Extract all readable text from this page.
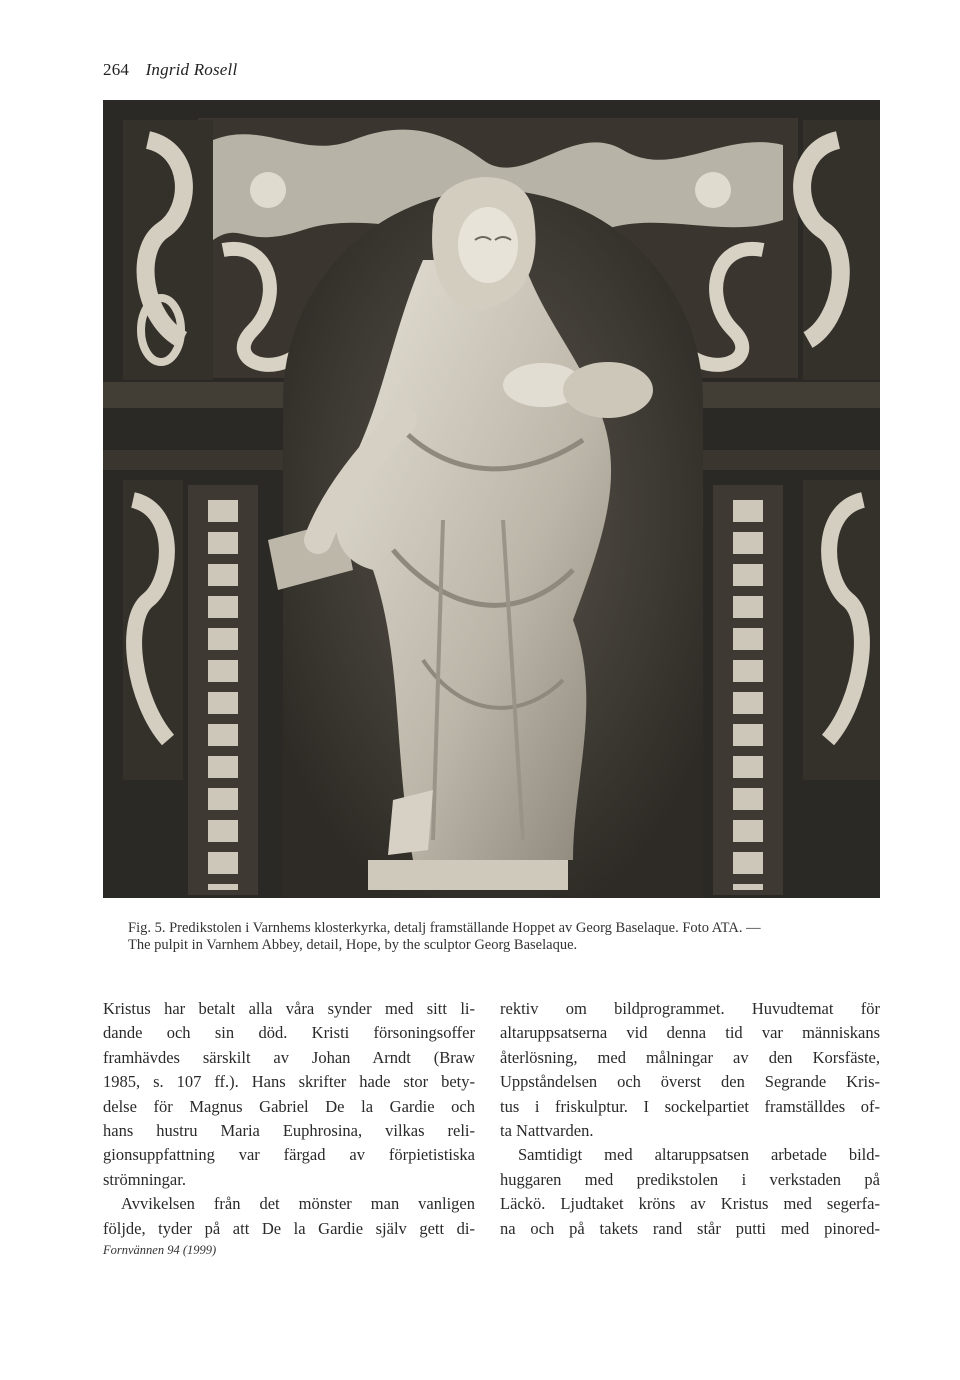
264 Ingrid Rosell
Fig. 5. Predikstolen i Varnhems klosterkyrka, detalj framställande Hoppet av Georg Baselaque. Foto ATA. —
The pulpit in Varnhem Abbey, detail, Hope, by the sculptor Georg Baselaque.
Kristus har betalt alla våra synder med sitt li-
dande och sin död. Kristi försoningsoffer
framhävdes särskilt av Johan Arndt (Braw
1985, s. 107 ff.). Hans skrifter hade stor bety-
delse för Magnus Gabriel De la Gardie och
hans hustru Maria Euphrosina, vilkas reli-
gionsuppfattning var färgad av förpietistiska
strömningar.
Avvikelsen från det mönster man vanligen
följde, tyder på att De la Gardie själv gett di-
rektiv om bildprogrammet. Huvudtemat för
altaruppsatserna vid denna tid var människans
återlösning, med målningar av den Korsfäste,
Uppståndelsen och överst den Segrande Kris-
tus i friskulptur. I sockelpartiet framställdes of-
ta Nattvarden.
Samtidigt med altaruppsatsen arbetade bild-
huggaren med predikstolen i verkstaden på
Läckö. Ljudtaket kröns av Kristus med segerfa-
na och på takets rand står putti med pinored-
Fornvännen 94 (1999)
